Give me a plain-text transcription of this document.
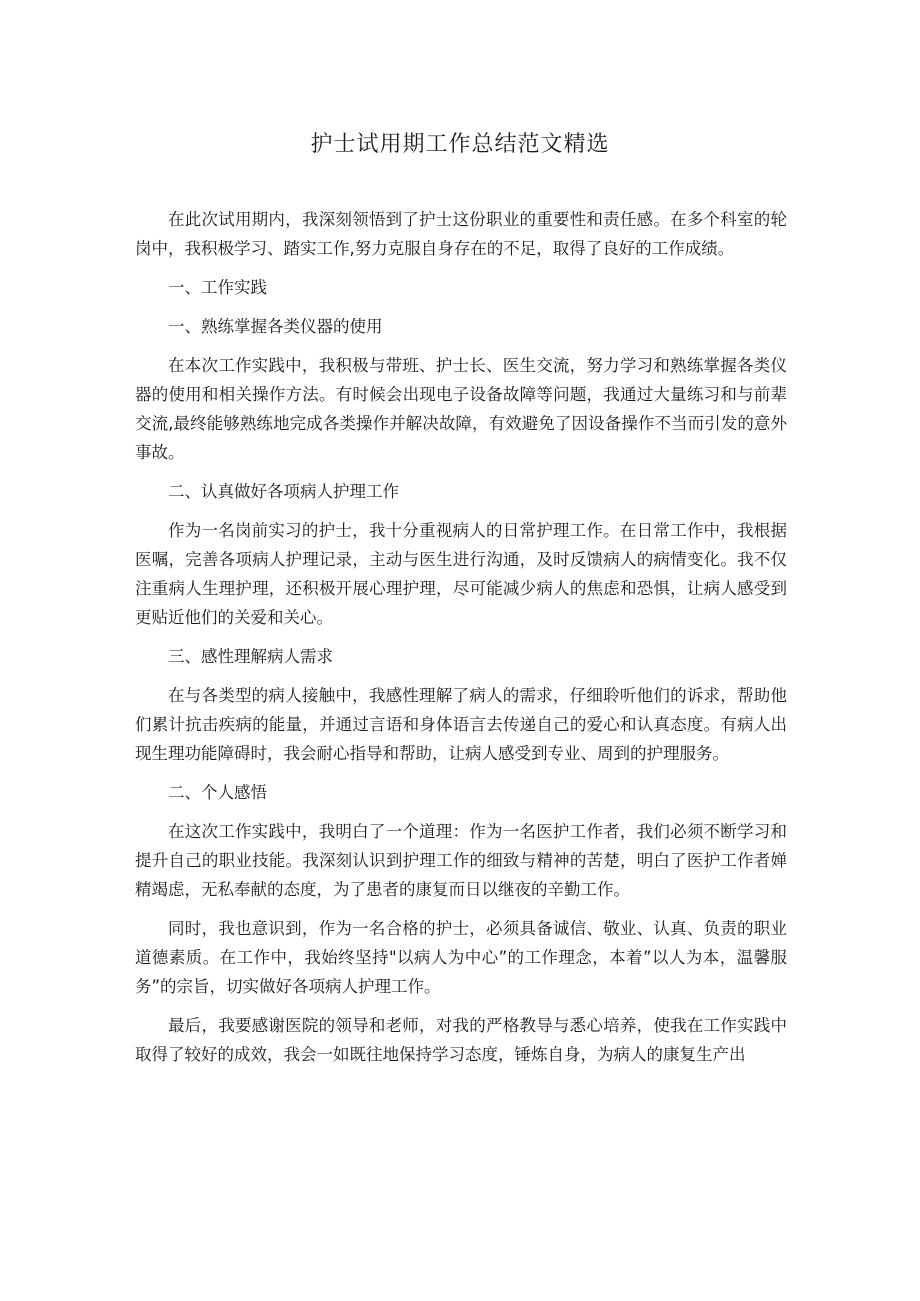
护士试用期工作总结范文精选

在此次试用期内，我深刻领悟到了护士这份职业的重要性和责任感。在多个科室的轮岗中，我积极学习、踏实工作,努力克服自身存在的不足，取得了良好的工作成绩。

一、工作实践

一、熟练掌握各类仪器的使用

在本次工作实践中，我积极与带班、护士长、医生交流，努力学习和熟练掌握各类仪器的使用和相关操作方法。有时候会出现电子设备故障等问题，我通过大量练习和与前辈交流,最终能够熟练地完成各类操作并解决故障，有效避免了因设备操作不当而引发的意外事故。

二、认真做好各项病人护理工作

作为一名岗前实习的护士，我十分重视病人的日常护理工作。在日常工作中，我根据医嘱，完善各项病人护理记录，主动与医生进行沟通，及时反馈病人的病情变化。我不仅注重病人生理护理，还积极开展心理护理，尽可能减少病人的焦虑和恐惧，让病人感受到更贴近他们的关爱和关心。

三、感性理解病人需求

在与各类型的病人接触中，我感性理解了病人的需求，仔细聆听他们的诉求，帮助他们累计抗击疾病的能量，并通过言语和身体语言去传递自己的爱心和认真态度。有病人出现生理功能障碍时，我会耐心指导和帮助，让病人感受到专业、周到的护理服务。

二、个人感悟

在这次工作实践中，我明白了一个道理：作为一名医护工作者，我们必须不断学习和提升自己的职业技能。我深刻认识到护理工作的细致与精神的苦楚，明白了医护工作者婵精竭虑，无私奉献的态度，为了患者的康复而日以继夜的辛勤工作。

同时，我也意识到，作为一名合格的护士，必须具备诚信、敬业、认真、负责的职业道德素质。在工作中，我始终坚持"以病人为中心”的工作理念，本着”以人为本，温馨服务”的宗旨，切实做好各项病人护理工作。

最后，我要感谢医院的领导和老师，对我的严格教导与悉心培养，使我在工作实践中取得了较好的成效，我会一如既往地保持学习态度，锤炼自身，为病人的康复生产出
